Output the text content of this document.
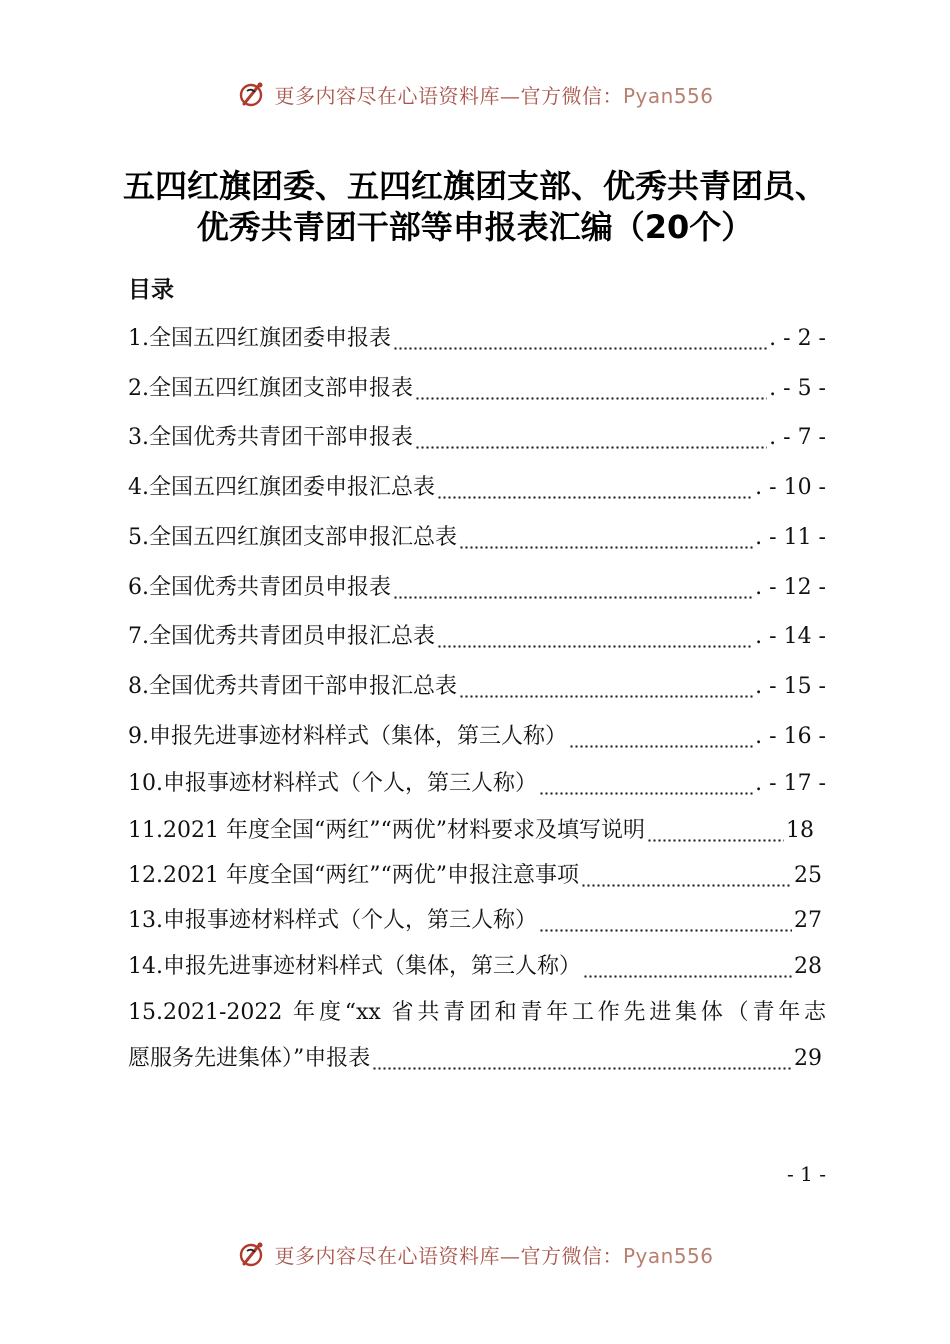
更多内容尽在心语资料库—官方微信：Pyan556
五四红旗团委、五四红旗团支部、优秀共青团员、优秀共青团干部等申报表汇编（20个）
目录
1.全国五四红旗团委申报表	. - 2 -
2.全国五四红旗团支部申报表	. - 5 -
3.全国优秀共青团干部申报表	. - 7 -
4.全国五四红旗团委申报汇总表	. - 10 -
5.全国五四红旗团支部申报汇总表	. - 11 -
6.全国优秀共青团员申报表	. - 12 -
7.全国优秀共青团员申报汇总表	. - 14 -
8.全国优秀共青团干部申报汇总表	. - 15 -
9.申报先进事迹材料样式（集体，第三人称）	. - 16 -
10.申报事迹材料样式（个人，第三人称）	. - 17 -
11.2021 年度全国“两红”“两优”材料要求及填写说明	18
12.2021 年度全国“两红”“两优”申报注意事项	25
13.申报事迹材料样式（个人，第三人称）	27
14.申报先进事迹材料样式（集体，第三人称）	28
15.2021-2022 年度“xx 省共青团和青年工作先进集体（青年志
愿服务先进集体）”申报表	29
- 1 -
更多内容尽在心语资料库—官方微信：Pyan556
